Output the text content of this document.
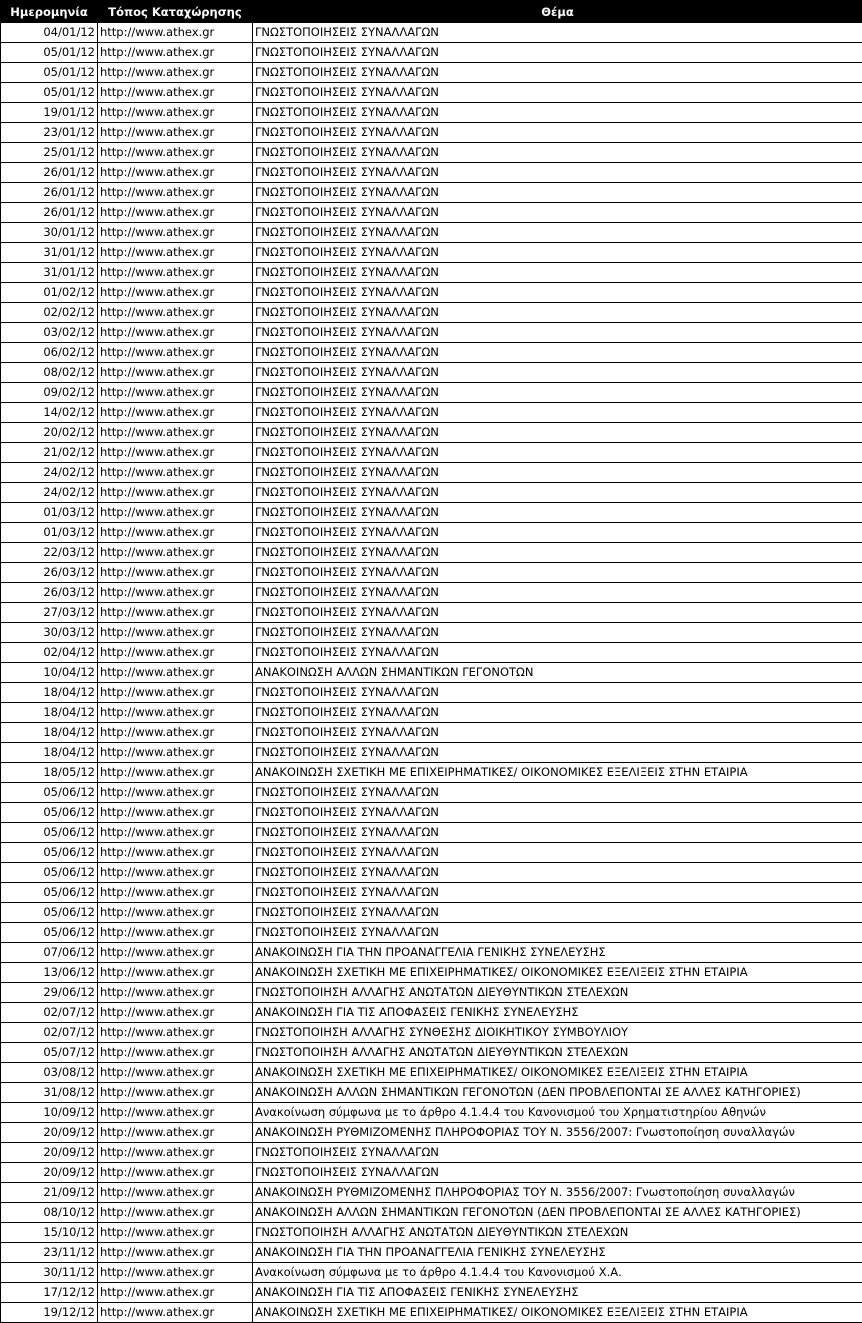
Ημερομηνία	Τόπος Καταχώρησης	Θέμα
04/01/12	http://www.athex.gr	ΓΝΩΣΤΟΠΟΙΗΣΕΙΣ ΣΥΝΑΛΛΑΓΩΝ
05/01/12	http://www.athex.gr	ΓΝΩΣΤΟΠΟΙΗΣΕΙΣ ΣΥΝΑΛΛΑΓΩΝ
05/01/12	http://www.athex.gr	ΓΝΩΣΤΟΠΟΙΗΣΕΙΣ ΣΥΝΑΛΛΑΓΩΝ
05/01/12	http://www.athex.gr	ΓΝΩΣΤΟΠΟΙΗΣΕΙΣ ΣΥΝΑΛΛΑΓΩΝ
19/01/12	http://www.athex.gr	ΓΝΩΣΤΟΠΟΙΗΣΕΙΣ ΣΥΝΑΛΛΑΓΩΝ
23/01/12	http://www.athex.gr	ΓΝΩΣΤΟΠΟΙΗΣΕΙΣ ΣΥΝΑΛΛΑΓΩΝ
25/01/12	http://www.athex.gr	ΓΝΩΣΤΟΠΟΙΗΣΕΙΣ ΣΥΝΑΛΛΑΓΩΝ
26/01/12	http://www.athex.gr	ΓΝΩΣΤΟΠΟΙΗΣΕΙΣ ΣΥΝΑΛΛΑΓΩΝ
26/01/12	http://www.athex.gr	ΓΝΩΣΤΟΠΟΙΗΣΕΙΣ ΣΥΝΑΛΛΑΓΩΝ
26/01/12	http://www.athex.gr	ΓΝΩΣΤΟΠΟΙΗΣΕΙΣ ΣΥΝΑΛΛΑΓΩΝ
30/01/12	http://www.athex.gr	ΓΝΩΣΤΟΠΟΙΗΣΕΙΣ ΣΥΝΑΛΛΑΓΩΝ
31/01/12	http://www.athex.gr	ΓΝΩΣΤΟΠΟΙΗΣΕΙΣ ΣΥΝΑΛΛΑΓΩΝ
31/01/12	http://www.athex.gr	ΓΝΩΣΤΟΠΟΙΗΣΕΙΣ ΣΥΝΑΛΛΑΓΩΝ
01/02/12	http://www.athex.gr	ΓΝΩΣΤΟΠΟΙΗΣΕΙΣ ΣΥΝΑΛΛΑΓΩΝ
02/02/12	http://www.athex.gr	ΓΝΩΣΤΟΠΟΙΗΣΕΙΣ ΣΥΝΑΛΛΑΓΩΝ
03/02/12	http://www.athex.gr	ΓΝΩΣΤΟΠΟΙΗΣΕΙΣ ΣΥΝΑΛΛΑΓΩΝ
06/02/12	http://www.athex.gr	ΓΝΩΣΤΟΠΟΙΗΣΕΙΣ ΣΥΝΑΛΛΑΓΩΝ
08/02/12	http://www.athex.gr	ΓΝΩΣΤΟΠΟΙΗΣΕΙΣ ΣΥΝΑΛΛΑΓΩΝ
09/02/12	http://www.athex.gr	ΓΝΩΣΤΟΠΟΙΗΣΕΙΣ ΣΥΝΑΛΛΑΓΩΝ
14/02/12	http://www.athex.gr	ΓΝΩΣΤΟΠΟΙΗΣΕΙΣ ΣΥΝΑΛΛΑΓΩΝ
20/02/12	http://www.athex.gr	ΓΝΩΣΤΟΠΟΙΗΣΕΙΣ ΣΥΝΑΛΛΑΓΩΝ
21/02/12	http://www.athex.gr	ΓΝΩΣΤΟΠΟΙΗΣΕΙΣ ΣΥΝΑΛΛΑΓΩΝ
24/02/12	http://www.athex.gr	ΓΝΩΣΤΟΠΟΙΗΣΕΙΣ ΣΥΝΑΛΛΑΓΩΝ
24/02/12	http://www.athex.gr	ΓΝΩΣΤΟΠΟΙΗΣΕΙΣ ΣΥΝΑΛΛΑΓΩΝ
01/03/12	http://www.athex.gr	ΓΝΩΣΤΟΠΟΙΗΣΕΙΣ ΣΥΝΑΛΛΑΓΩΝ
01/03/12	http://www.athex.gr	ΓΝΩΣΤΟΠΟΙΗΣΕΙΣ ΣΥΝΑΛΛΑΓΩΝ
22/03/12	http://www.athex.gr	ΓΝΩΣΤΟΠΟΙΗΣΕΙΣ ΣΥΝΑΛΛΑΓΩΝ
26/03/12	http://www.athex.gr	ΓΝΩΣΤΟΠΟΙΗΣΕΙΣ ΣΥΝΑΛΛΑΓΩΝ
26/03/12	http://www.athex.gr	ΓΝΩΣΤΟΠΟΙΗΣΕΙΣ ΣΥΝΑΛΛΑΓΩΝ
27/03/12	http://www.athex.gr	ΓΝΩΣΤΟΠΟΙΗΣΕΙΣ ΣΥΝΑΛΛΑΓΩΝ
30/03/12	http://www.athex.gr	ΓΝΩΣΤΟΠΟΙΗΣΕΙΣ ΣΥΝΑΛΛΑΓΩΝ
02/04/12	http://www.athex.gr	ΓΝΩΣΤΟΠΟΙΗΣΕΙΣ ΣΥΝΑΛΛΑΓΩΝ
10/04/12	http://www.athex.gr	ΑΝΑΚΟΙΝΩΣΗ ΑΛΛΩΝ ΣΗΜΑΝΤΙΚΩΝ ΓΕΓΟΝΟΤΩΝ
18/04/12	http://www.athex.gr	ΓΝΩΣΤΟΠΟΙΗΣΕΙΣ ΣΥΝΑΛΛΑΓΩΝ
18/04/12	http://www.athex.gr	ΓΝΩΣΤΟΠΟΙΗΣΕΙΣ ΣΥΝΑΛΛΑΓΩΝ
18/04/12	http://www.athex.gr	ΓΝΩΣΤΟΠΟΙΗΣΕΙΣ ΣΥΝΑΛΛΑΓΩΝ
18/04/12	http://www.athex.gr	ΓΝΩΣΤΟΠΟΙΗΣΕΙΣ ΣΥΝΑΛΛΑΓΩΝ
18/05/12	http://www.athex.gr	ΑΝΑΚΟΙΝΩΣΗ ΣΧΕΤΙΚΗ ΜΕ ΕΠΙΧΕΙΡΗΜΑΤΙΚΕΣ/ ΟΙΚΟΝΟΜΙΚΕΣ ΕΞΕΛΙΞΕΙΣ ΣΤΗΝ ΕΤΑΙΡΙΑ
05/06/12	http://www.athex.gr	ΓΝΩΣΤΟΠΟΙΗΣΕΙΣ ΣΥΝΑΛΛΑΓΩΝ
05/06/12	http://www.athex.gr	ΓΝΩΣΤΟΠΟΙΗΣΕΙΣ ΣΥΝΑΛΛΑΓΩΝ
05/06/12	http://www.athex.gr	ΓΝΩΣΤΟΠΟΙΗΣΕΙΣ ΣΥΝΑΛΛΑΓΩΝ
05/06/12	http://www.athex.gr	ΓΝΩΣΤΟΠΟΙΗΣΕΙΣ ΣΥΝΑΛΛΑΓΩΝ
05/06/12	http://www.athex.gr	ΓΝΩΣΤΟΠΟΙΗΣΕΙΣ ΣΥΝΑΛΛΑΓΩΝ
05/06/12	http://www.athex.gr	ΓΝΩΣΤΟΠΟΙΗΣΕΙΣ ΣΥΝΑΛΛΑΓΩΝ
05/06/12	http://www.athex.gr	ΓΝΩΣΤΟΠΟΙΗΣΕΙΣ ΣΥΝΑΛΛΑΓΩΝ
05/06/12	http://www.athex.gr	ΓΝΩΣΤΟΠΟΙΗΣΕΙΣ ΣΥΝΑΛΛΑΓΩΝ
07/06/12	http://www.athex.gr	ΑΝΑΚΟΙΝΩΣΗ ΓΙΑ ΤΗΝ ΠΡΟΑΝΑΓΓΕΛΙΑ ΓΕΝΙΚΗΣ ΣΥΝΕΛΕΥΣΗΣ
13/06/12	http://www.athex.gr	ΑΝΑΚΟΙΝΩΣΗ ΣΧΕΤΙΚΗ ΜΕ ΕΠΙΧΕΙΡΗΜΑΤΙΚΕΣ/ ΟΙΚΟΝΟΜΙΚΕΣ ΕΞΕΛΙΞΕΙΣ ΣΤΗΝ ΕΤΑΙΡΙΑ
29/06/12	http://www.athex.gr	ΓΝΩΣΤΟΠΟΙΗΣΗ ΑΛΛΑΓΗΣ ΑΝΩΤΑΤΩΝ ΔΙΕΥΘΥΝΤΙΚΩΝ ΣΤΕΛΕΧΩΝ
02/07/12	http://www.athex.gr	ΑΝΑΚΟΙΝΩΣΗ ΓΙΑ ΤΙΣ ΑΠΟΦΑΣΕΙΣ ΓΕΝΙΚΗΣ ΣΥΝΕΛΕΥΣΗΣ
02/07/12	http://www.athex.gr	ΓΝΩΣΤΟΠΟΙΗΣΗ ΑΛΛΑΓΗΣ ΣΥΝΘΕΣΗΣ ΔΙΟΙΚΗΤΙΚΟΥ ΣΥΜΒΟΥΛΙΟΥ
05/07/12	http://www.athex.gr	ΓΝΩΣΤΟΠΟΙΗΣΗ ΑΛΛΑΓΗΣ ΑΝΩΤΑΤΩΝ ΔΙΕΥΘΥΝΤΙΚΩΝ ΣΤΕΛΕΧΩΝ
03/08/12	http://www.athex.gr	ΑΝΑΚΟΙΝΩΣΗ ΣΧΕΤΙΚΗ ΜΕ ΕΠΙΧΕΙΡΗΜΑΤΙΚΕΣ/ ΟΙΚΟΝΟΜΙΚΕΣ ΕΞΕΛΙΞΕΙΣ ΣΤΗΝ ΕΤΑΙΡΙΑ
31/08/12	http://www.athex.gr	ΑΝΑΚΟΙΝΩΣΗ ΑΛΛΩΝ ΣΗΜΑΝΤΙΚΩΝ ΓΕΓΟΝΟΤΩΝ (ΔΕΝ ΠΡΟΒΛΕΠΟΝΤΑΙ ΣΕ ΑΛΛΕΣ ΚΑΤΗΓΟΡΙΕΣ)
10/09/12	http://www.athex.gr	Ανακοίνωση σύμφωνα με το άρθρο 4.1.4.4 του Κανονισμού του Χρηματιστηρίου Αθηνών
20/09/12	http://www.athex.gr	ΑΝΑΚΟΙΝΩΣΗ ΡΥΘΜΙΖΟΜΕΝΗΣ ΠΛΗΡΟΦΟΡΙΑΣ ΤΟΥ Ν. 3556/2007: Γνωστοποίηση συναλλαγών
20/09/12	http://www.athex.gr	ΓΝΩΣΤΟΠΟΙΗΣΕΙΣ ΣΥΝΑΛΛΑΓΩΝ
20/09/12	http://www.athex.gr	ΓΝΩΣΤΟΠΟΙΗΣΕΙΣ ΣΥΝΑΛΛΑΓΩΝ
21/09/12	http://www.athex.gr	ΑΝΑΚΟΙΝΩΣΗ ΡΥΘΜΙΖΟΜΕΝΗΣ ΠΛΗΡΟΦΟΡΙΑΣ ΤΟΥ Ν. 3556/2007: Γνωστοποίηση συναλλαγών
08/10/12	http://www.athex.gr	ΑΝΑΚΟΙΝΩΣΗ ΑΛΛΩΝ ΣΗΜΑΝΤΙΚΩΝ ΓΕΓΟΝΟΤΩΝ (ΔΕΝ ΠΡΟΒΛΕΠΟΝΤΑΙ ΣΕ ΑΛΛΕΣ ΚΑΤΗΓΟΡΙΕΣ)
15/10/12	http://www.athex.gr	ΓΝΩΣΤΟΠΟΙΗΣΗ ΑΛΛΑΓΗΣ ΑΝΩΤΑΤΩΝ ΔΙΕΥΘΥΝΤΙΚΩΝ ΣΤΕΛΕΧΩΝ
23/11/12	http://www.athex.gr	ΑΝΑΚΟΙΝΩΣΗ ΓΙΑ ΤΗΝ ΠΡΟΑΝΑΓΓΕΛΙΑ ΓΕΝΙΚΗΣ ΣΥΝΕΛΕΥΣΗΣ
30/11/12	http://www.athex.gr	Ανακοίνωση σύμφωνα με το άρθρο 4.1.4.4 του Κανονισμού Χ.Α.
17/12/12	http://www.athex.gr	ΑΝΑΚΟΙΝΩΣΗ ΓΙΑ ΤΙΣ ΑΠΟΦΑΣΕΙΣ ΓΕΝΙΚΗΣ ΣΥΝΕΛΕΥΣΗΣ
19/12/12	http://www.athex.gr	ΑΝΑΚΟΙΝΩΣΗ ΣΧΕΤΙΚΗ ΜΕ ΕΠΙΧΕΙΡΗΜΑΤΙΚΕΣ/ ΟΙΚΟΝΟΜΙΚΕΣ ΕΞΕΛΙΞΕΙΣ ΣΤΗΝ ΕΤΑΙΡΙΑ
